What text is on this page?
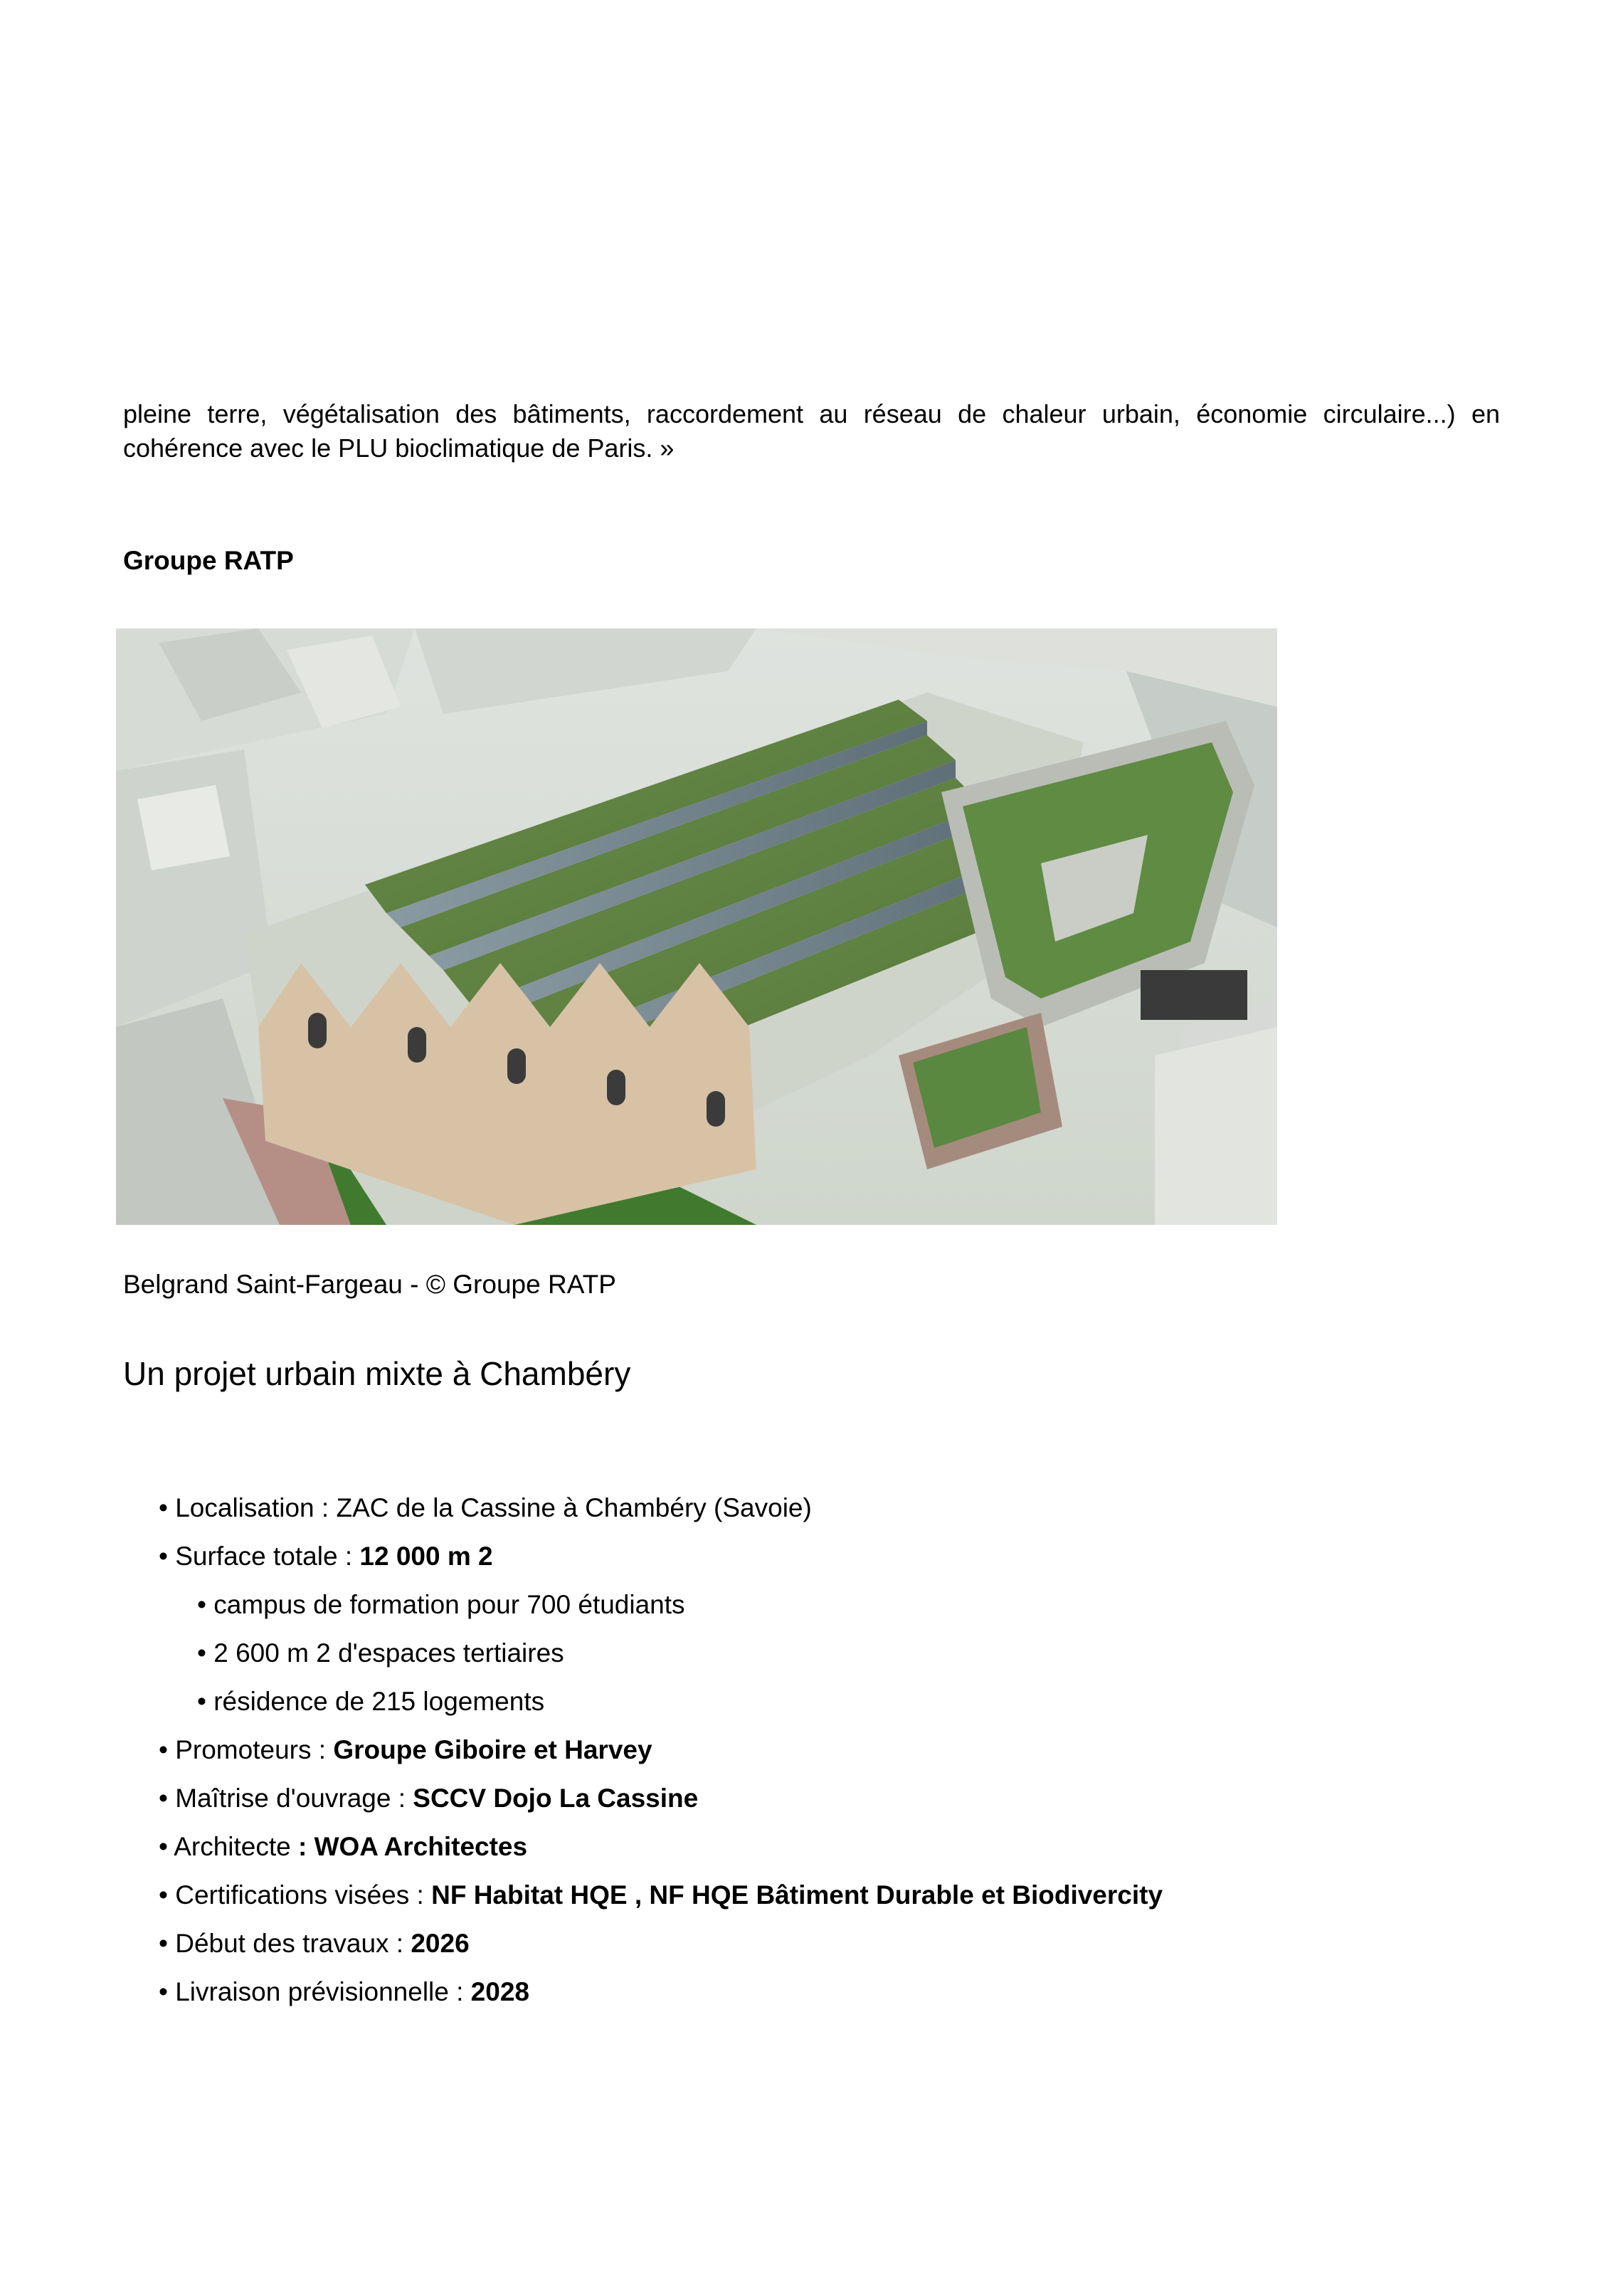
pleine terre, végétalisation des bâtiments, raccordement au réseau de chaleur urbain, économie circulaire...) en
cohérence avec le PLU bioclimatique de Paris. »

Groupe RATP

Belgrand Saint-Fargeau - © Groupe RATP

Un projet urbain mixte à Chambéry
• Localisation : ZAC de la Cassine à Chambéry (Savoie)
• Surface totale : 12 000 m 2
• campus de formation pour 700 étudiants
• 2 600 m 2 d'espaces tertiaires
• résidence de 215 logements
• Promoteurs : Groupe Giboire et Harvey
• Maîtrise d'ouvrage : SCCV Dojo La Cassine
• Architecte : WOA Architectes
• Certifications visées : NF Habitat HQE , NF HQE Bâtiment Durable et Biodivercity
• Début des travaux : 2026
• Livraison prévisionnelle : 2028
